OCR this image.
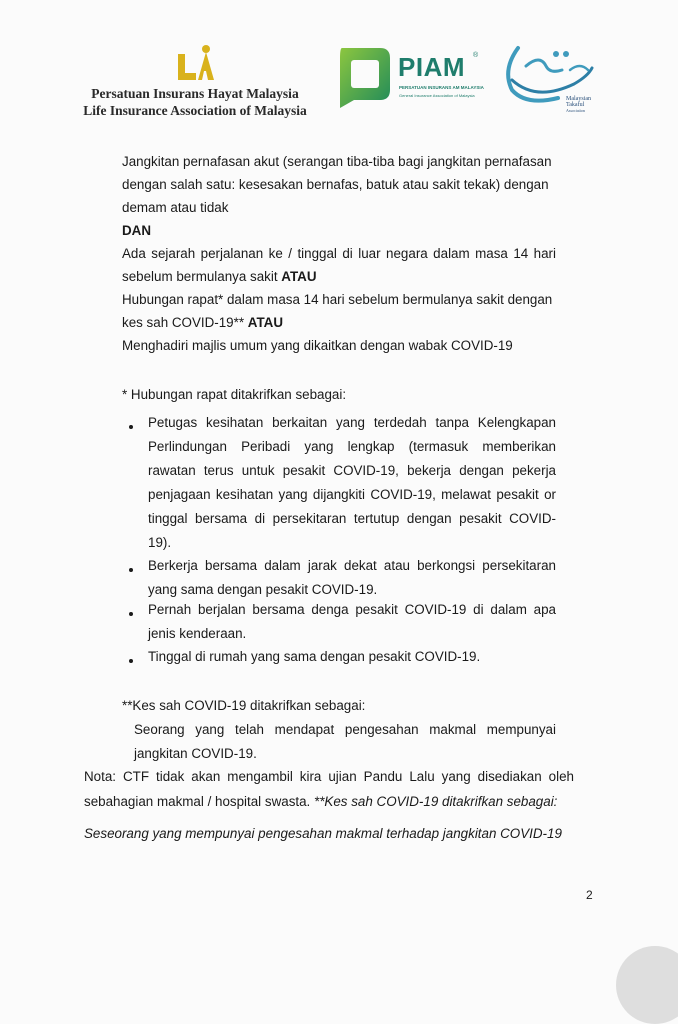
Persatuan Insurans Hayat Malaysia
Life Insurance Association of Malaysia
PIAM ®
PERSATUAN INSURANS AM MALAYSIA
General Insurance Association of Malaysia
Malaysian
Takaful
Association
Jangkitan pernafasan akut (serangan tiba-tiba bagi jangkitan pernafasan
dengan salah satu: kesesakan bernafas, batuk atau sakit tekak) dengan
demam atau tidak
DAN
Ada sejarah perjalanan ke / tinggal di luar negara dalam masa 14 hari
sebelum bermulanya sakit ATAU
Hubungan rapat* dalam masa 14 hari sebelum bermulanya sakit dengan
kes sah COVID-19** ATAU
Menghadiri majlis umum yang dikaitkan dengan wabak COVID-19
* Hubungan rapat ditakrifkan sebagai:
Petugas kesihatan berkaitan yang terdedah tanpa Kelengkapan
Perlindungan Peribadi yang lengkap (termasuk memberikan
rawatan terus untuk pesakit COVID-19, bekerja dengan pekerja
penjagaan kesihatan yang dijangkiti COVID-19, melawat pesakit or
tinggal bersama di persekitaran tertutup dengan pesakit COVID-
19).
Berkerja bersama dalam jarak dekat atau berkongsi persekitaran
yang sama dengan pesakit COVID-19.
Pernah berjalan bersama denga pesakit COVID-19 di dalam apa
jenis kenderaan.
Tinggal di rumah yang sama dengan pesakit COVID-19.
**Kes sah COVID-19 ditakrifkan sebagai:
Seorang yang telah mendapat pengesahan makmal mempunyai
jangkitan COVID-19.
Nota: CTF tidak akan mengambil kira ujian Pandu Lalu yang disediakan oleh
sebahagian makmal / hospital swasta. **Kes sah COVID-19 ditakrifkan sebagai:
Seseorang yang mempunyai pengesahan makmal terhadap jangkitan COVID-19
2
